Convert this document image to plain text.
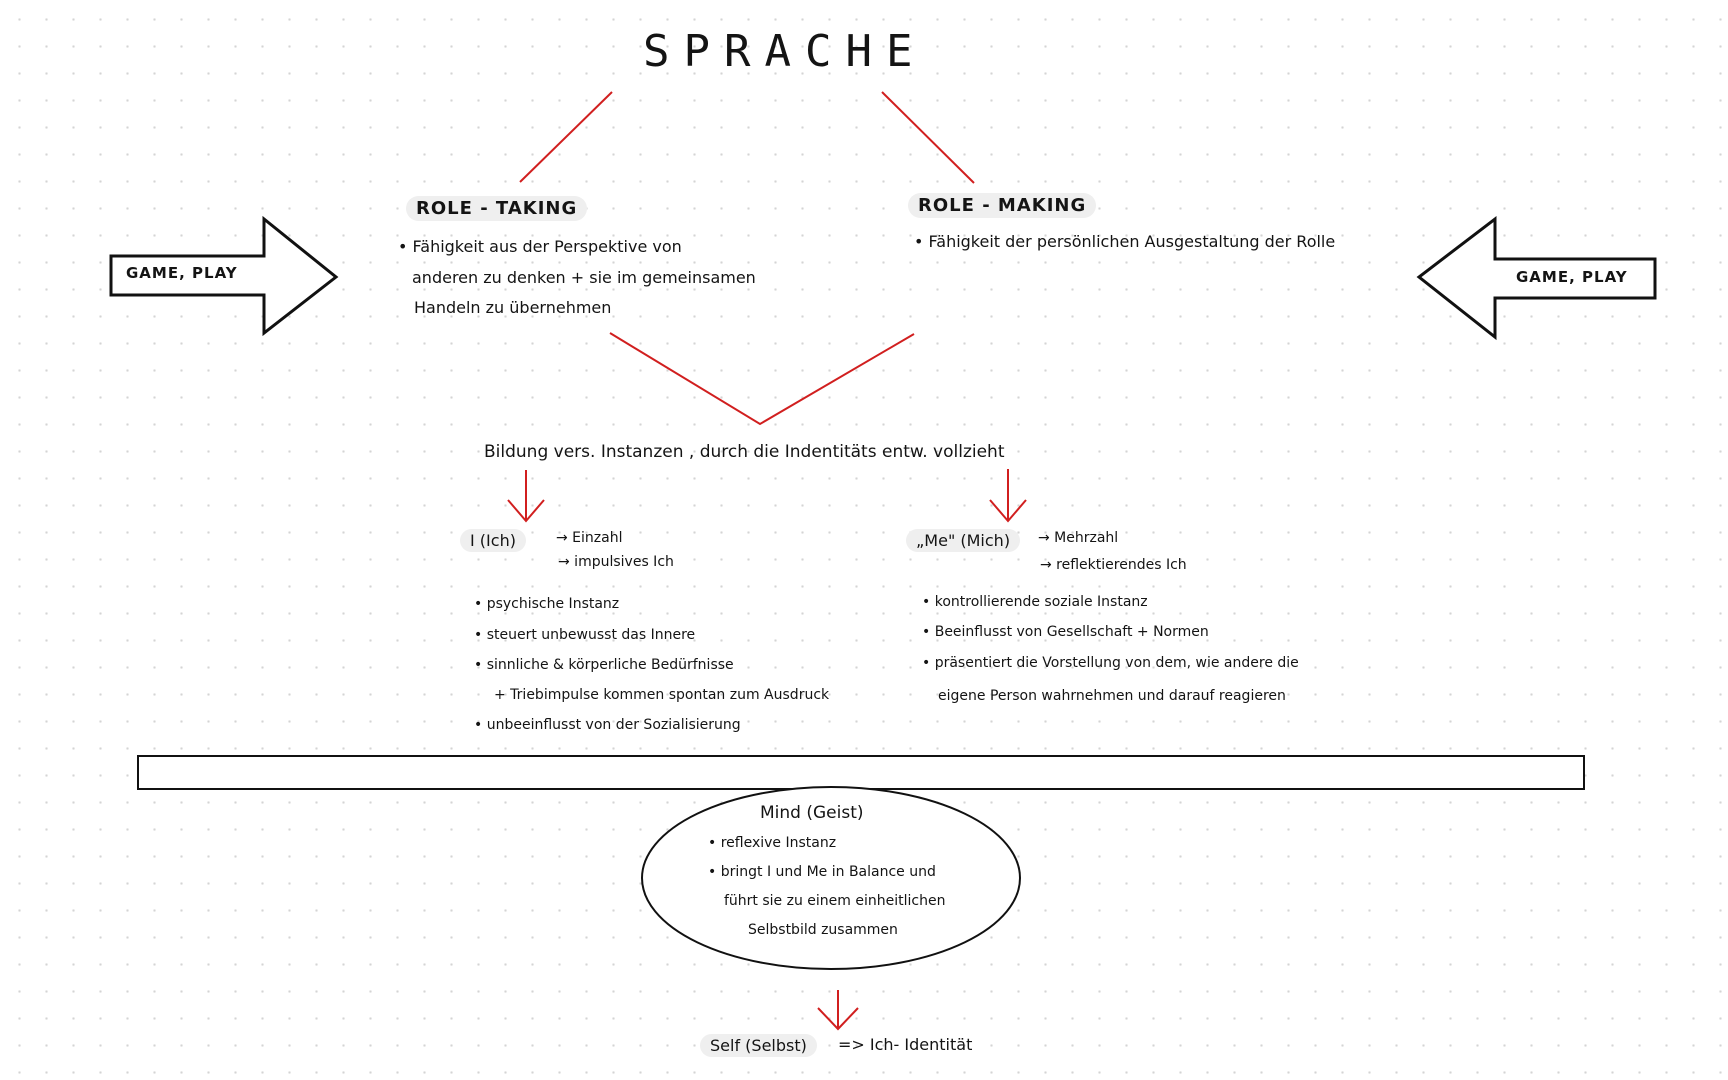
SPRACHE
GAME, PLAY	GAME, PLAY
ROLE - TAKING
• Fähigkeit aus der Perspektive von
anderen zu denken + sie im gemeinsamen
Handeln zu übernehmen
ROLE - MAKING
• Fähigkeit der persönlichen Ausgestaltung der Rolle
Bildung vers. Instanzen , durch die Indentitäts entw. vollzieht
I (Ich)	→ Einzahl
→ impulsives Ich
• psychische Instanz
• steuert unbewusst das Innere
• sinnliche & körperliche Bedürfnisse
+ Triebimpulse kommen spontan zum Ausdruck
• unbeeinflusst von der Sozialisierung
„Me" (Mich)	→ Mehrzahl
→ reflektierendes Ich
• kontrollierende soziale Instanz
• Beeinflusst von Gesellschaft + Normen
• präsentiert die Vorstellung von dem, wie andere die
eigene Person wahrnehmen und darauf reagieren
Mind (Geist)
• reflexive Instanz
• bringt I und Me in Balance und
führt sie zu einem einheitlichen
Selbstbild zusammen
Self (Selbst)	=> Ich- Identität
